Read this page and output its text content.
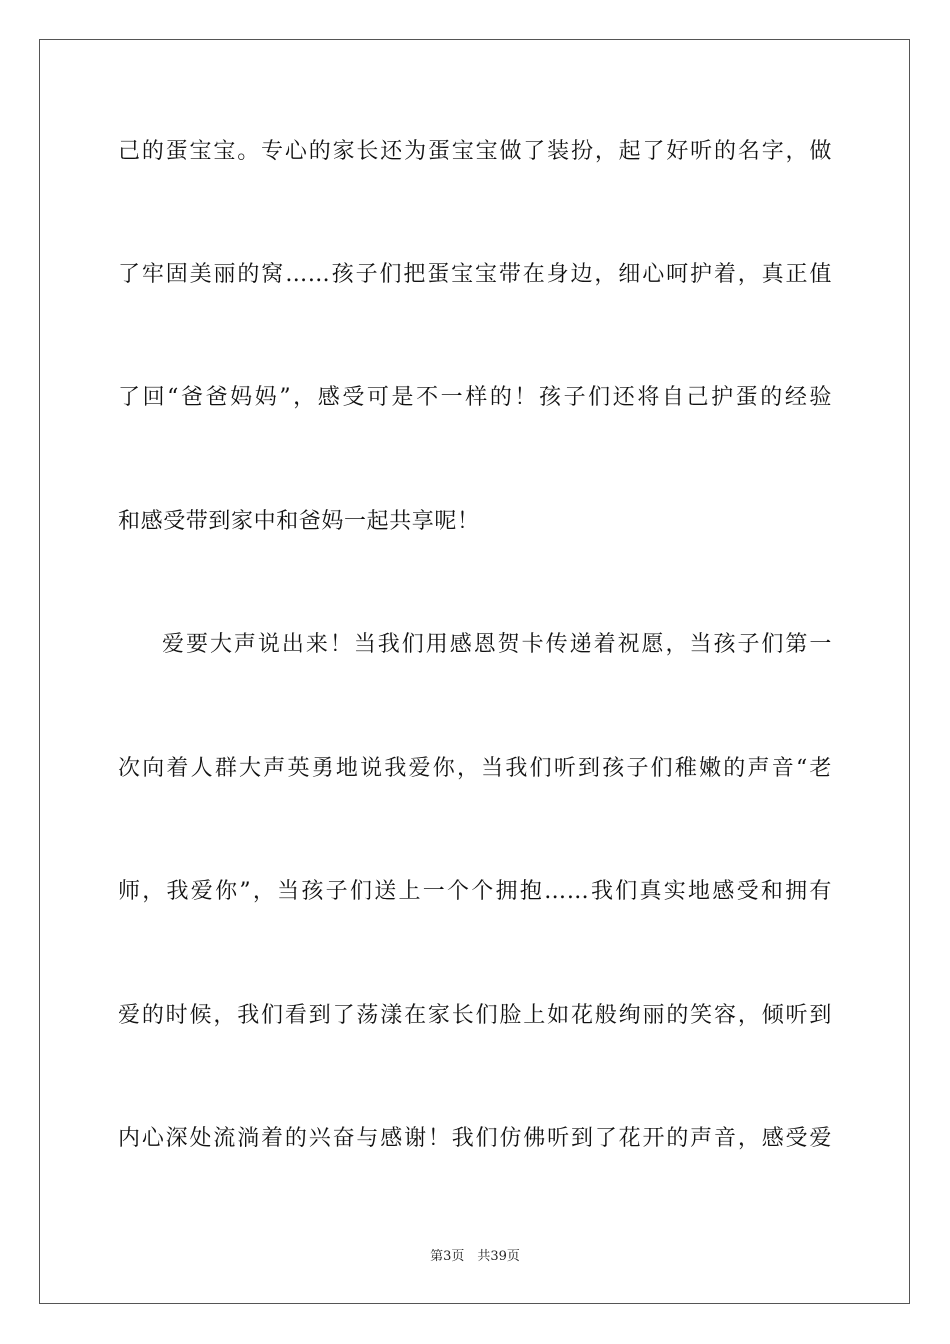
己的蛋宝宝。专心的家长还为蛋宝宝做了装扮，起了好听的名字，做
了牢固美丽的窝……孩子们把蛋宝宝带在身边，细心呵护着，真正值
了回“爸爸妈妈”，感受可是不一样的！孩子们还将自己护蛋的经验
和感受带到家中和爸妈一起共享呢！
爱要大声说出来！当我们用感恩贺卡传递着祝愿，当孩子们第一
次向着人群大声英勇地说我爱你，当我们听到孩子们稚嫩的声音“老
师，我爱你”，当孩子们送上一个个拥抱……我们真实地感受和拥有
爱的时候，我们看到了荡漾在家长们脸上如花般绚丽的笑容，倾听到
内心深处流淌着的兴奋与感谢！我们仿佛听到了花开的声音，感受爱
第3页　共39页
